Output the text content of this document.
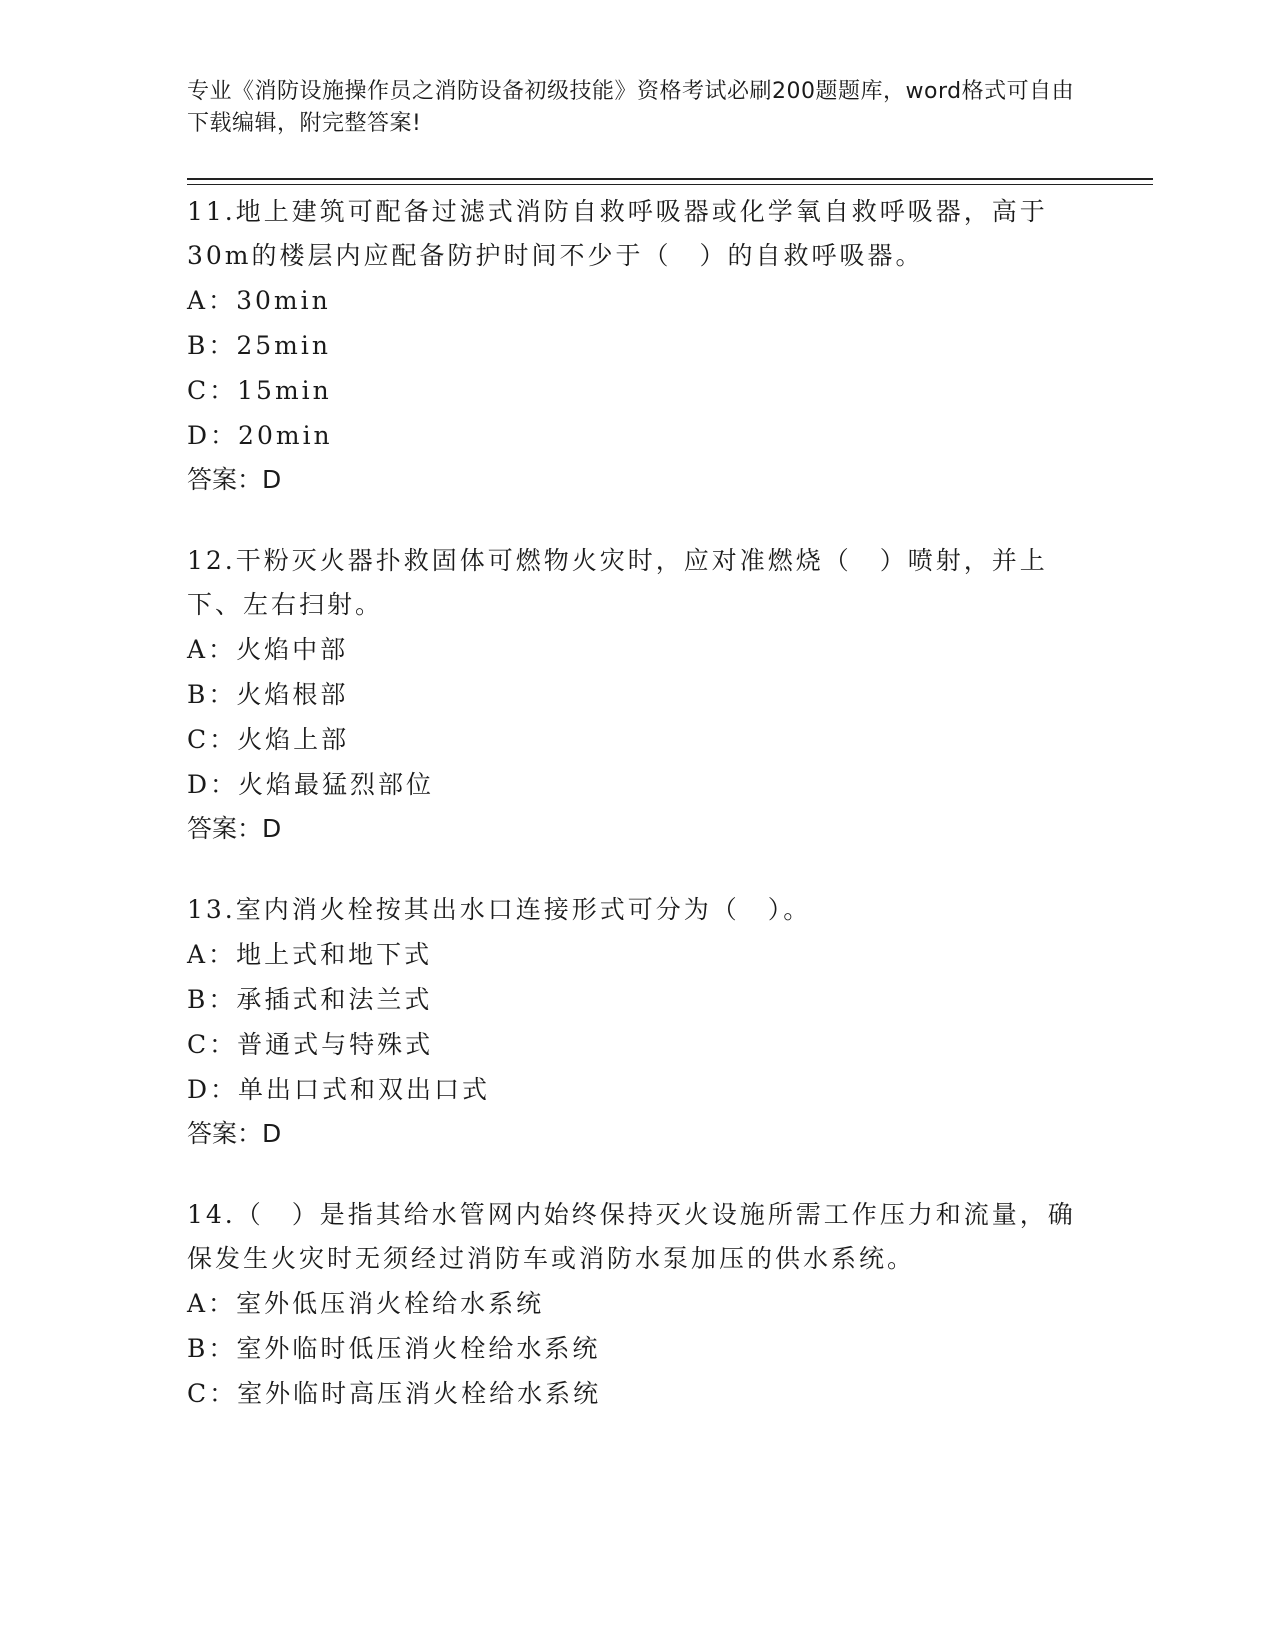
专业《消防设施操作员之消防设备初级技能》资格考试必刷200题题库，word格式可自由下载编辑，附完整答案!

11.地上建筑可配备过滤式消防自救呼吸器或化学氧自救呼吸器，高于30m的楼层内应配备防护时间不少于（　）的自救呼吸器。

A：30min
B：25min
C：15min
D：20min
答案：D

12.干粉灭火器扑救固体可燃物火灾时，应对准燃烧（　）喷射，并上下、左右扫射。

A：火焰中部
B：火焰根部
C：火焰上部
D：火焰最猛烈部位
答案：D

13.室内消火栓按其出水口连接形式可分为（　）。

A：地上式和地下式
B：承插式和法兰式
C：普通式与特殊式
D：单出口式和双出口式
答案：D

14.（　）是指其给水管网内始终保持灭火设施所需工作压力和流量，确保发生火灾时无须经过消防车或消防水泵加压的供水系统。

A：室外低压消火栓给水系统
B：室外临时低压消火栓给水系统
C：室外临时高压消火栓给水系统
